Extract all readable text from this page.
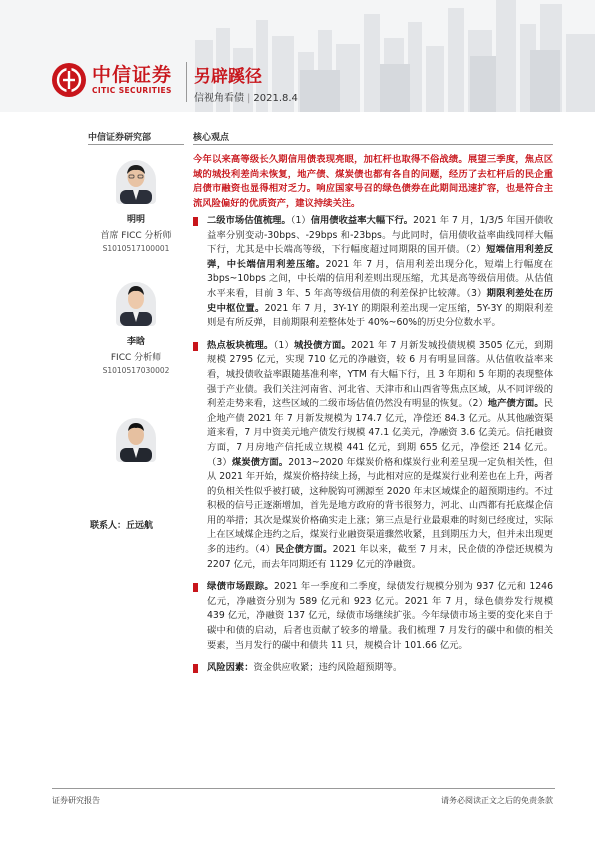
中信证券
CITIC SECURITIES
另辟蹊径
信视角看债 | 2021.8.4
中信证券研究部	核心观点
明明
首席 FICC 分析师
S1010517100001
李晗
FICC 分析师
S1010517030002
联系人：丘远航
今年以来高等级长久期信用债表现亮眼，加杠杆也取得不俗战绩。展望三季度，焦点区域的城投利差尚未恢复，地产债、煤炭债也都有各自的问题，经历了去杠杆后的民企重启债市融资也显得相对乏力。响应国家号召的绿色债券在此期间迅速扩容，也是符合主流风险偏好的优质资产，建议持续关注。
二级市场估值梳理。（1）信用债收益率大幅下行。2021 年 7 月，1/3/5 年国开债收益率分别变动-30bps、-29bps 和-23bps。与此同时，信用债收益率曲线同样大幅下行，尤其是中长端高等级，下行幅度超过同期限的国开债。（2）短端信用利差反弹，中长端信用利差压缩。2021 年 7 月，信用利差出现分化，短端上行幅度在 3bps~10bps 之间，中长端的信用利差则出现压缩，尤其是高等级信用债。从估值水平来看，目前 3 年、5 年高等级信用债的利差保护比较薄。（3）期限利差处在历史中枢位置。2021 年 7 月，3Y-1Y 的期限利差出现一定压缩，5Y-3Y 的期限利差则是有所反弹，目前期限利差整体处于 40%~60%的历史分位数水平。
热点板块梳理。（1）城投债方面。2021 年 7 月新发城投债规模 3505 亿元，到期规模 2795 亿元，实现 710 亿元的净融资，较 6 月有明显回落。从估值收益率来看，城投债收益率跟随基准利率，YTM 有大幅下行，且 3 年期和 5 年期的表现整体强于产业债。我们关注河南省、河北省、天津市和山西省等焦点区域，从不同评级的利差走势来看，这些区域的二级市场估值仍然没有明显的恢复。（2）地产债方面。民企地产债 2021 年 7 月新发规模为 174.7 亿元，净偿还 84.3 亿元。从其他融资渠道来看，7 月中资美元地产债发行规模 47.1 亿美元，净融资 3.6 亿美元。信托融资方面，7 月房地产信托成立规模 441 亿元，到期 655 亿元，净偿还 214 亿元。（3）煤炭债方面。2013~2020 年煤炭价格和煤炭行业利差呈现一定负相关性，但从 2021 年开始，煤炭价格持续上扬，与此相对应的是煤炭行业利差也在上升，两者的负相关性似乎被打破，这种脱钩可溯源至 2020 年末区域煤企的超预期违约。不过积极的信号正逐渐增加，首先是地方政府的背书很努力，河北、山西都有托底煤企信用的举措；其次是煤炭价格确实走上涨；第三点是行业最艰难的时刻已经度过，实际上在区域煤企违约之后，煤炭行业融资渠道骤然收紧，且到期压力大，但并未出现更多的违约。（4）民企债方面。2021 年以来，截至 7 月末，民企债的净偿还规模为 2207 亿元，而去年同期还有 1129 亿元的净融资。
绿债市场跟踪。2021 年一季度和二季度，绿债发行规模分别为 937 亿元和 1246 亿元，净融资分别为 589 亿元和 923 亿元。2021 年 7 月，绿色债券发行规模 439 亿元，净融资 137 亿元，绿债市场继续扩张。今年绿债市场主要的变化来自于碳中和债的启动，后者也贡献了较多的增量。我们梳理 7 月发行的碳中和债的相关要素，当月发行的碳中和债共 11 只，规模合计 101.66 亿元。
风险因素：资金供应收紧；违约风险超预期等。
证券研究报告	请务必阅读正文之后的免责条款
